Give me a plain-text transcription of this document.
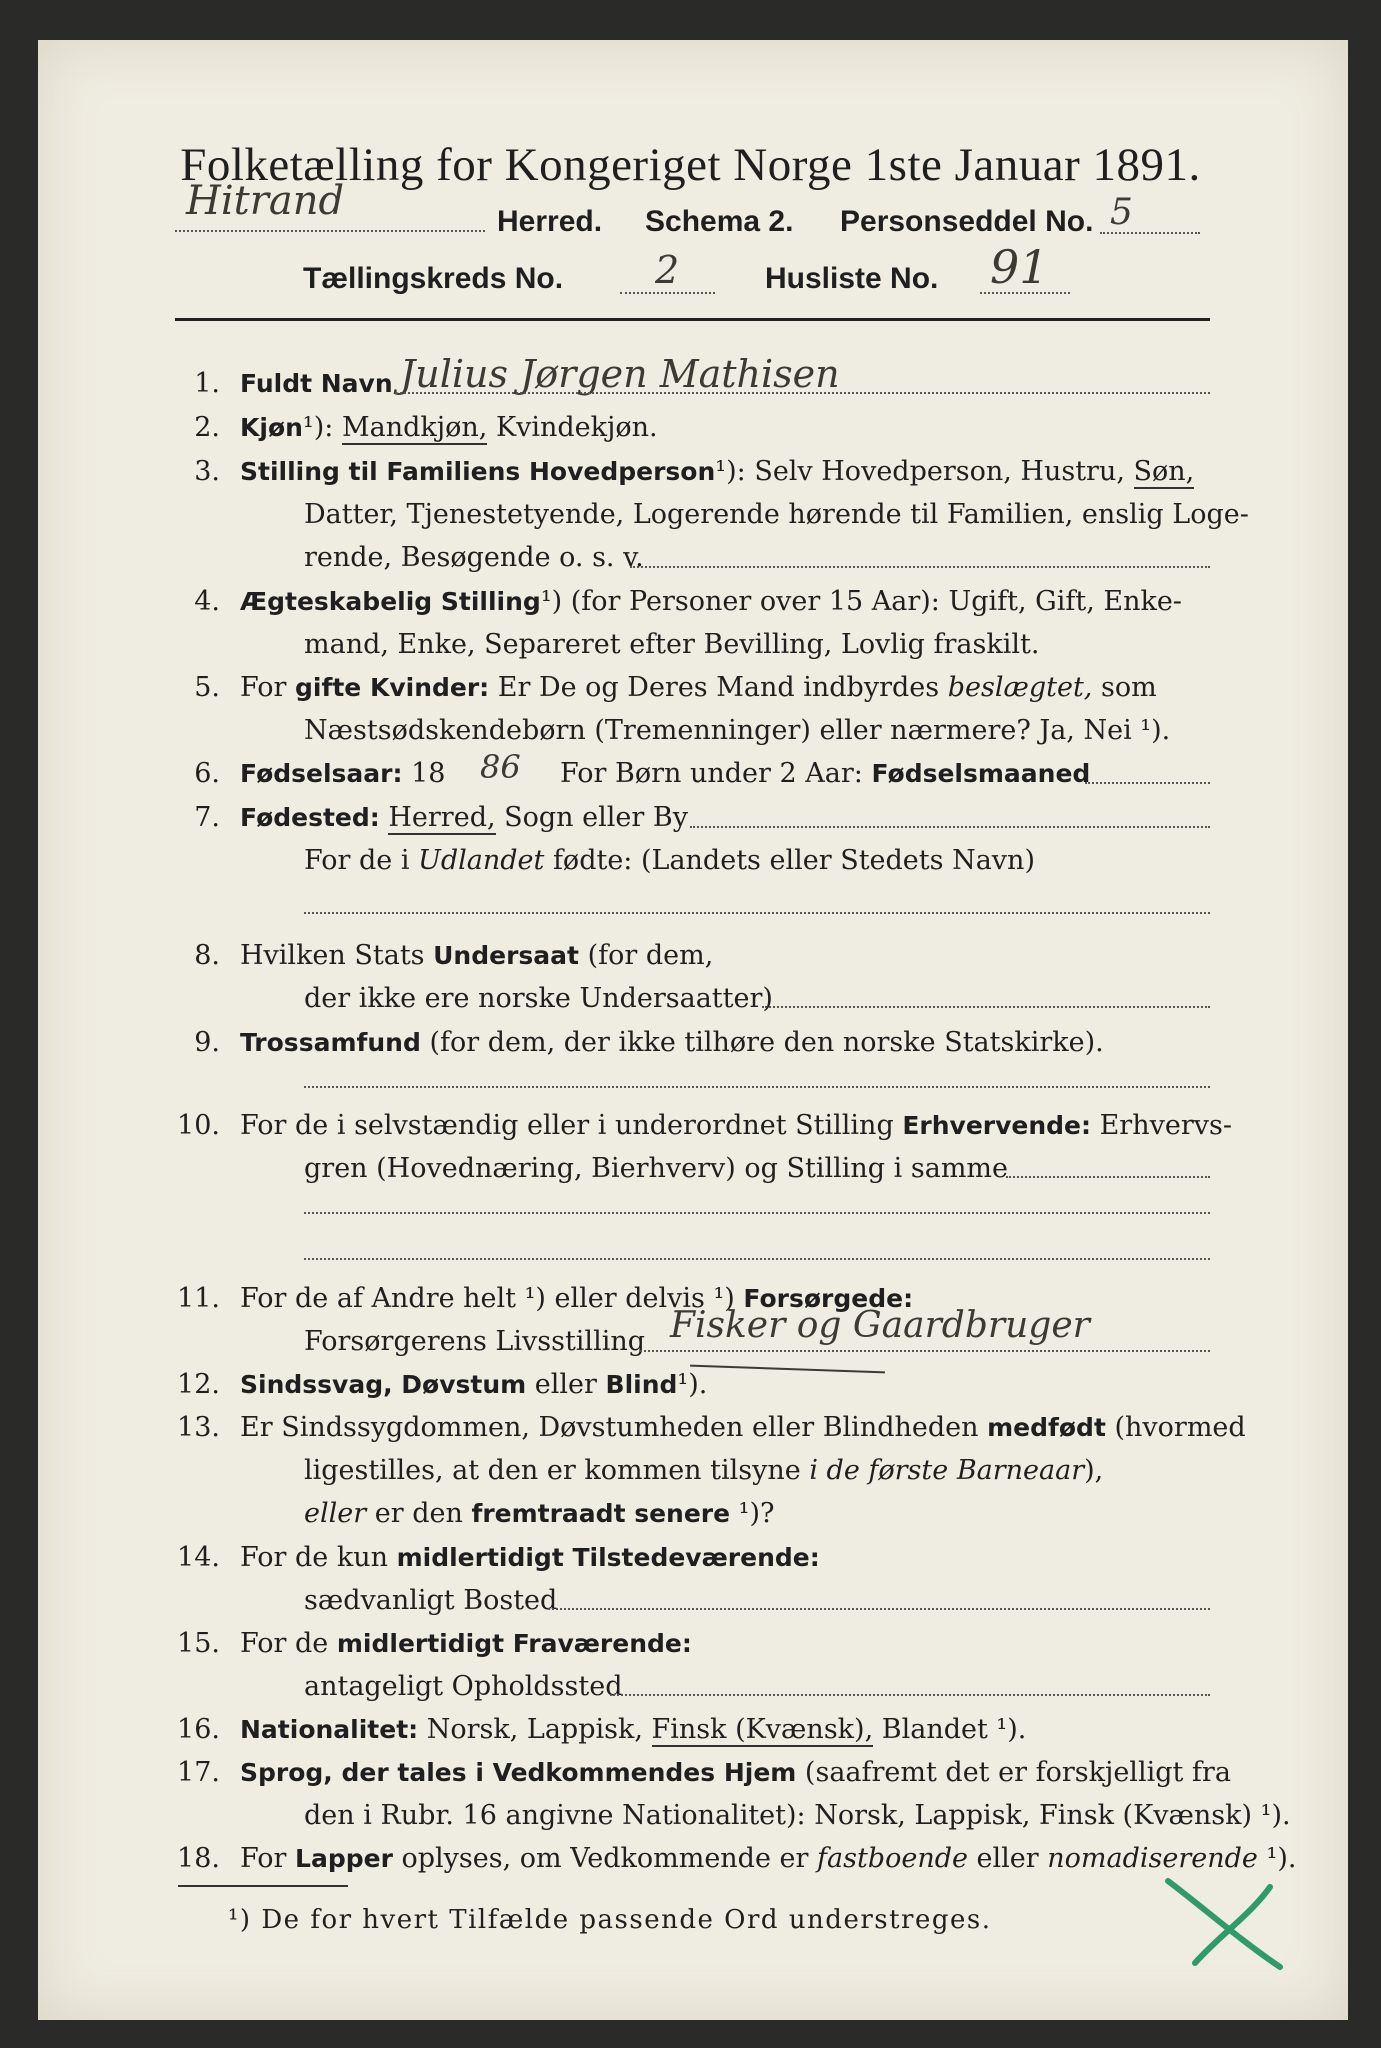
Folketælling for Kongeriget Norge 1ste Januar 1891.
Hitrand	Herred. Schema 2. Personseddel No. 5
Tællingskreds No. 2	Husliste No. 91
1. Fuldt Navn Julius Jørgen Mathisen
2. Kjøn¹): Mandkjøn, Kvindekjøn.
3. Stilling til Familiens Hovedperson¹): Selv Hovedperson, Hustru, Søn,
Datter, Tjenestetyende, Logerende hørende til Familien, enslig Loge-
rende, Besøgende o. s. v.
4. Ægteskabelig Stilling¹) (for Personer over 15 Aar): Ugift, Gift, Enke-
mand, Enke, Separeret efter Bevilling, Lovlig fraskilt.
5. For gifte Kvinder: Er De og Deres Mand indbyrdes beslægtet, som
Næstsødskendebørn (Tremenninger) eller nærmere? Ja, Nei ¹).
6. Fødselsaar: 18 86 For Børn under 2 Aar: Fødselsmaaned
7. Fødested: Herred, Sogn eller By
For de i Udlandet fødte: (Landets eller Stedets Navn)
8. Hvilken Stats Undersaat (for dem,
der ikke ere norske Undersaatter)
9. Trossamfund (for dem, der ikke tilhøre den norske Statskirke).
10. For de i selvstændig eller i underordnet Stilling Erhvervende: Erhvervs-
gren (Hovednæring, Bierhverv) og Stilling i samme
11. For de af Andre helt ¹) eller delvis ¹) Forsørgede:
Forsørgerens Livsstilling Fisker og Gaardbruger
12. Sindssvag, Døvstum eller Blind¹).
13. Er Sindssygdommen, Døvstumheden eller Blindheden medfødt (hvormed
ligestilles, at den er kommen tilsyne i de første Barneaar),
eller er den fremtraadt senere ¹)?
14. For de kun midlertidigt Tilstedeværende:
sædvanligt Bosted
15. For de midlertidigt Fraværende:
antageligt Opholdssted
16. Nationalitet: Norsk, Lappisk, Finsk (Kvænsk), Blandet ¹).
17. Sprog, der tales i Vedkommendes Hjem (saafremt det er forskjelligt fra
den i Rubr. 16 angivne Nationalitet): Norsk, Lappisk, Finsk (Kvænsk) ¹).
18. For Lapper oplyses, om Vedkommende er fastboende eller nomadiserende ¹).
¹) De for hvert Tilfælde passende Ord understreges.
